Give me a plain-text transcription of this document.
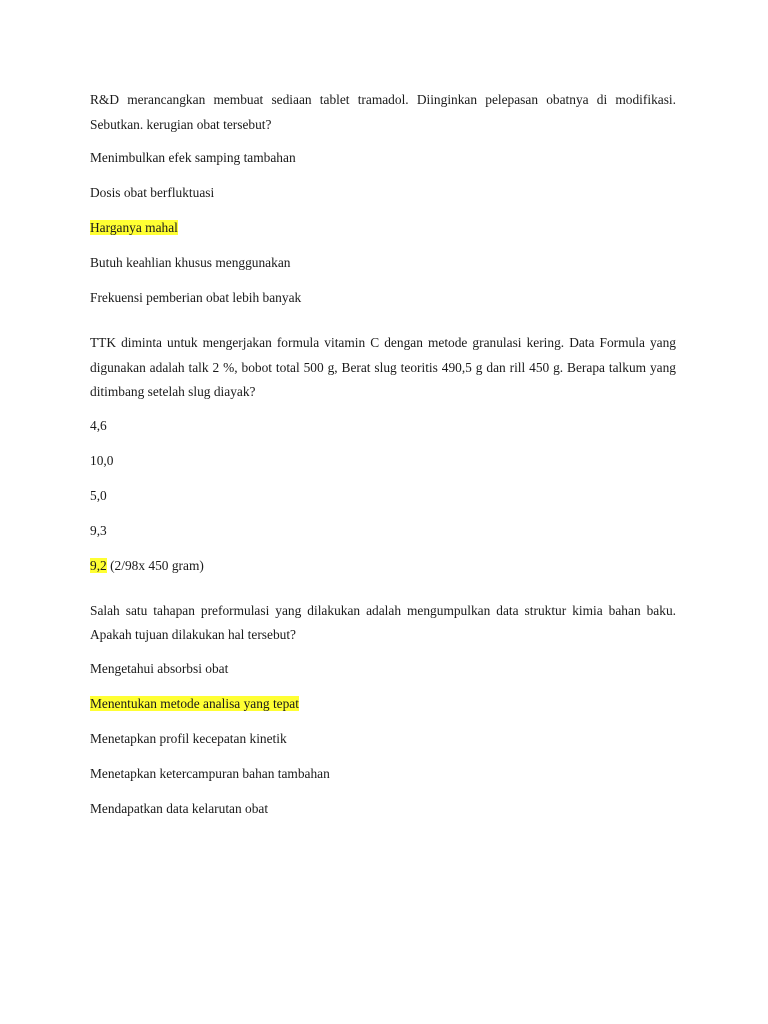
R&D merancangkan membuat sediaan tablet tramadol. Diinginkan pelepasan obatnya di modifikasi. Sebutkan. kerugian obat tersebut?

Menimbulkan efek samping tambahan

Dosis obat berfluktuasi

Harganya mahal

Butuh keahlian khusus menggunakan

Frekuensi pemberian obat lebih banyak

TTK diminta untuk mengerjakan formula vitamin C dengan metode granulasi kering. Data Formula yang digunakan adalah talk 2 %, bobot total 500 g, Berat slug teoritis 490,5 g dan rill 450 g. Berapa talkum yang ditimbang setelah slug diayak?

4,6

10,0

5,0

9,3

9,2 (2/98x 450 gram)

Salah satu tahapan preformulasi yang dilakukan adalah mengumpulkan data struktur kimia bahan baku. Apakah tujuan dilakukan hal tersebut?

Mengetahui absorbsi obat

Menentukan metode analisa yang tepat

Menetapkan profil kecepatan kinetik

Menetapkan ketercampuran bahan tambahan

Mendapatkan data kelarutan obat
